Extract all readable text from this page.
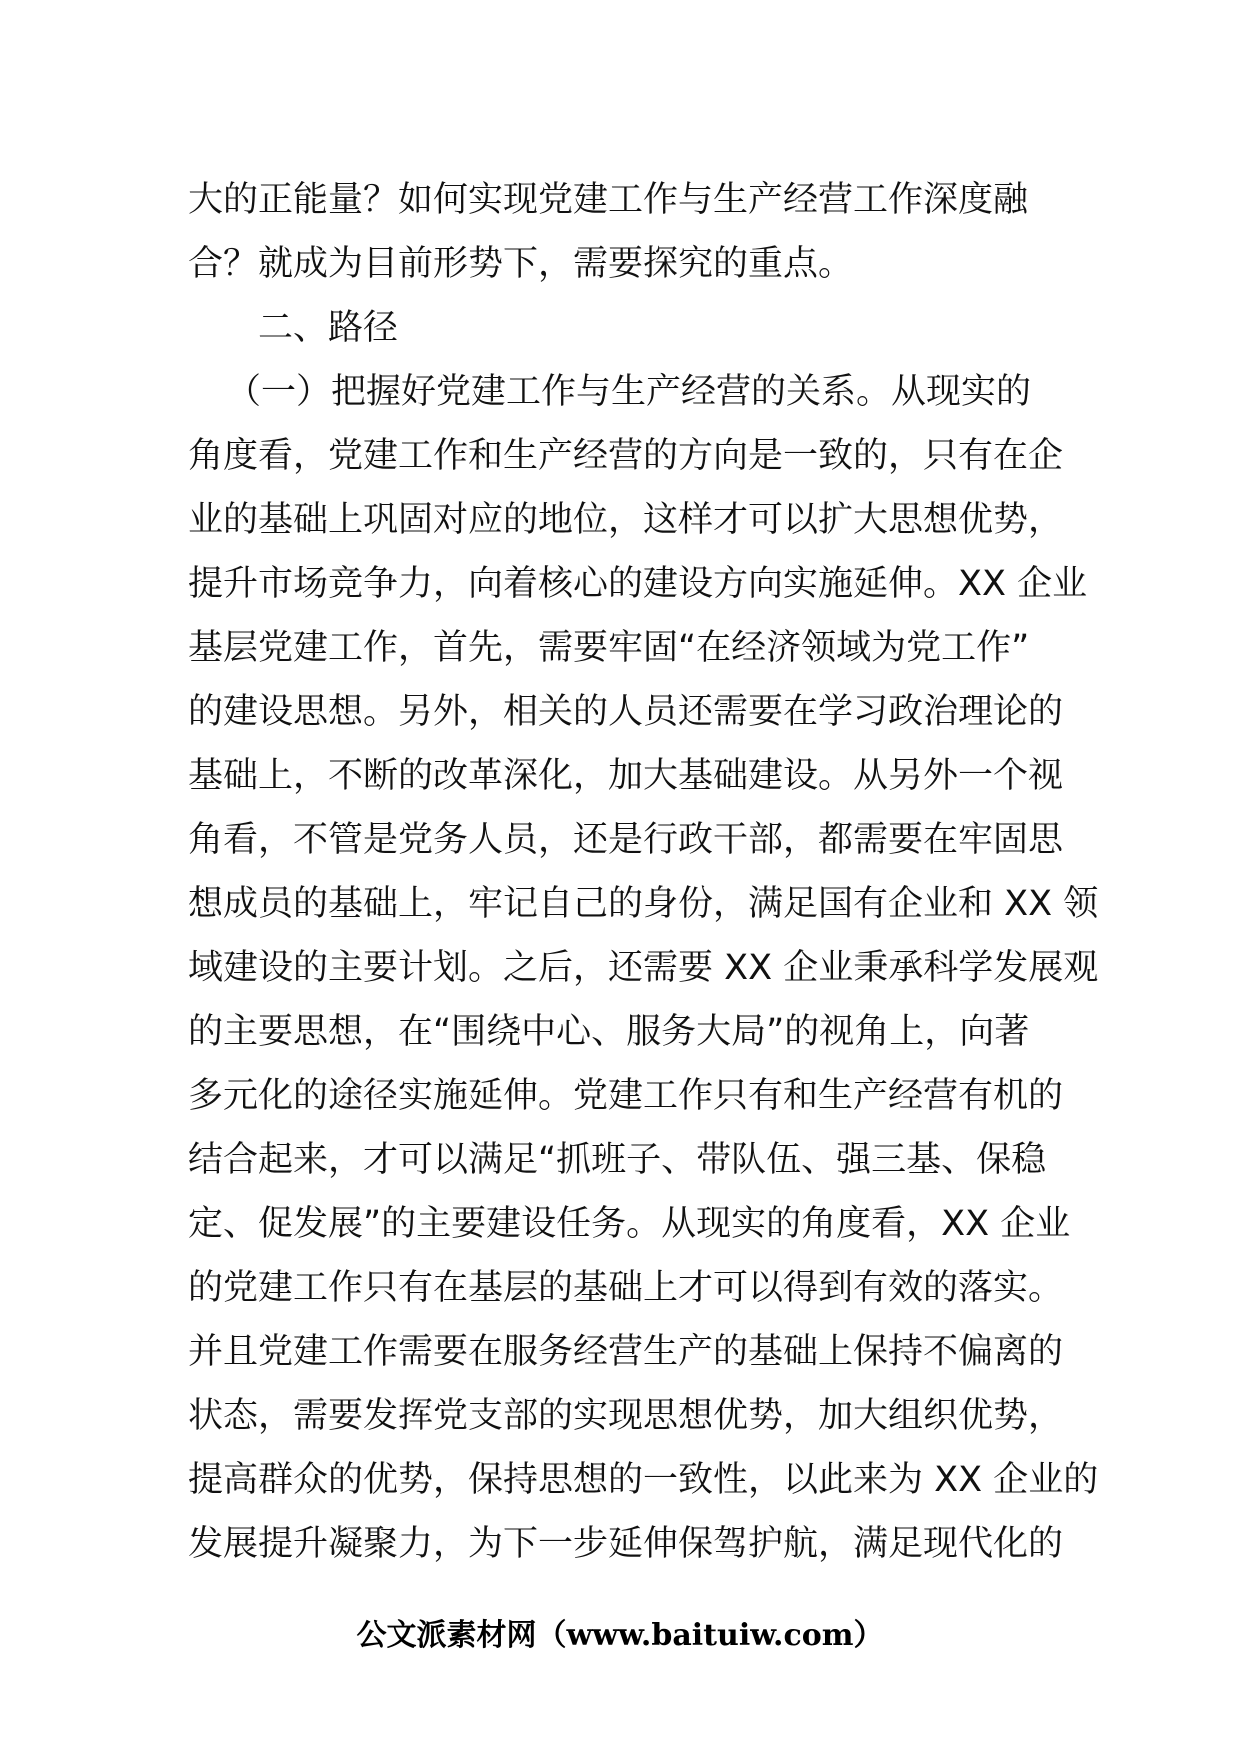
大的正能量？如何实现党建工作与生产经营工作深度融
合？就成为目前形势下，需要探究的重点。
二、路径
（一）把握好党建工作与生产经营的关系。从现实的
角度看，党建工作和生产经营的方向是一致的，只有在企
业的基础上巩固对应的地位，这样才可以扩大思想优势，
提升市场竞争力，向着核心的建设方向实施延伸。XX 企业
基层党建工作，首先，需要牢固“在经济领域为党工作”
的建设思想。另外，相关的人员还需要在学习政治理论的
基础上，不断的改革深化，加大基础建设。从另外一个视
角看，不管是党务人员，还是行政干部，都需要在牢固思
想成员的基础上，牢记自己的身份，满足国有企业和 XX 领
域建设的主要计划。之后，还需要 XX 企业秉承科学发展观
的主要思想，在“围绕中心、服务大局”的视角上，向著
多元化的途径实施延伸。党建工作只有和生产经营有机的
结合起来，才可以满足“抓班子、带队伍、强三基、保稳
定、促发展”的主要建设任务。从现实的角度看，XX 企业
的党建工作只有在基层的基础上才可以得到有效的落实。
并且党建工作需要在服务经营生产的基础上保持不偏离的
状态，需要发挥党支部的实现思想优势，加大组织优势，
提高群众的优势，保持思想的一致性，以此来为 XX 企业的
发展提升凝聚力，为下一步延伸保驾护航，满足现代化的
公文派素材网（www.baituiw.com）
